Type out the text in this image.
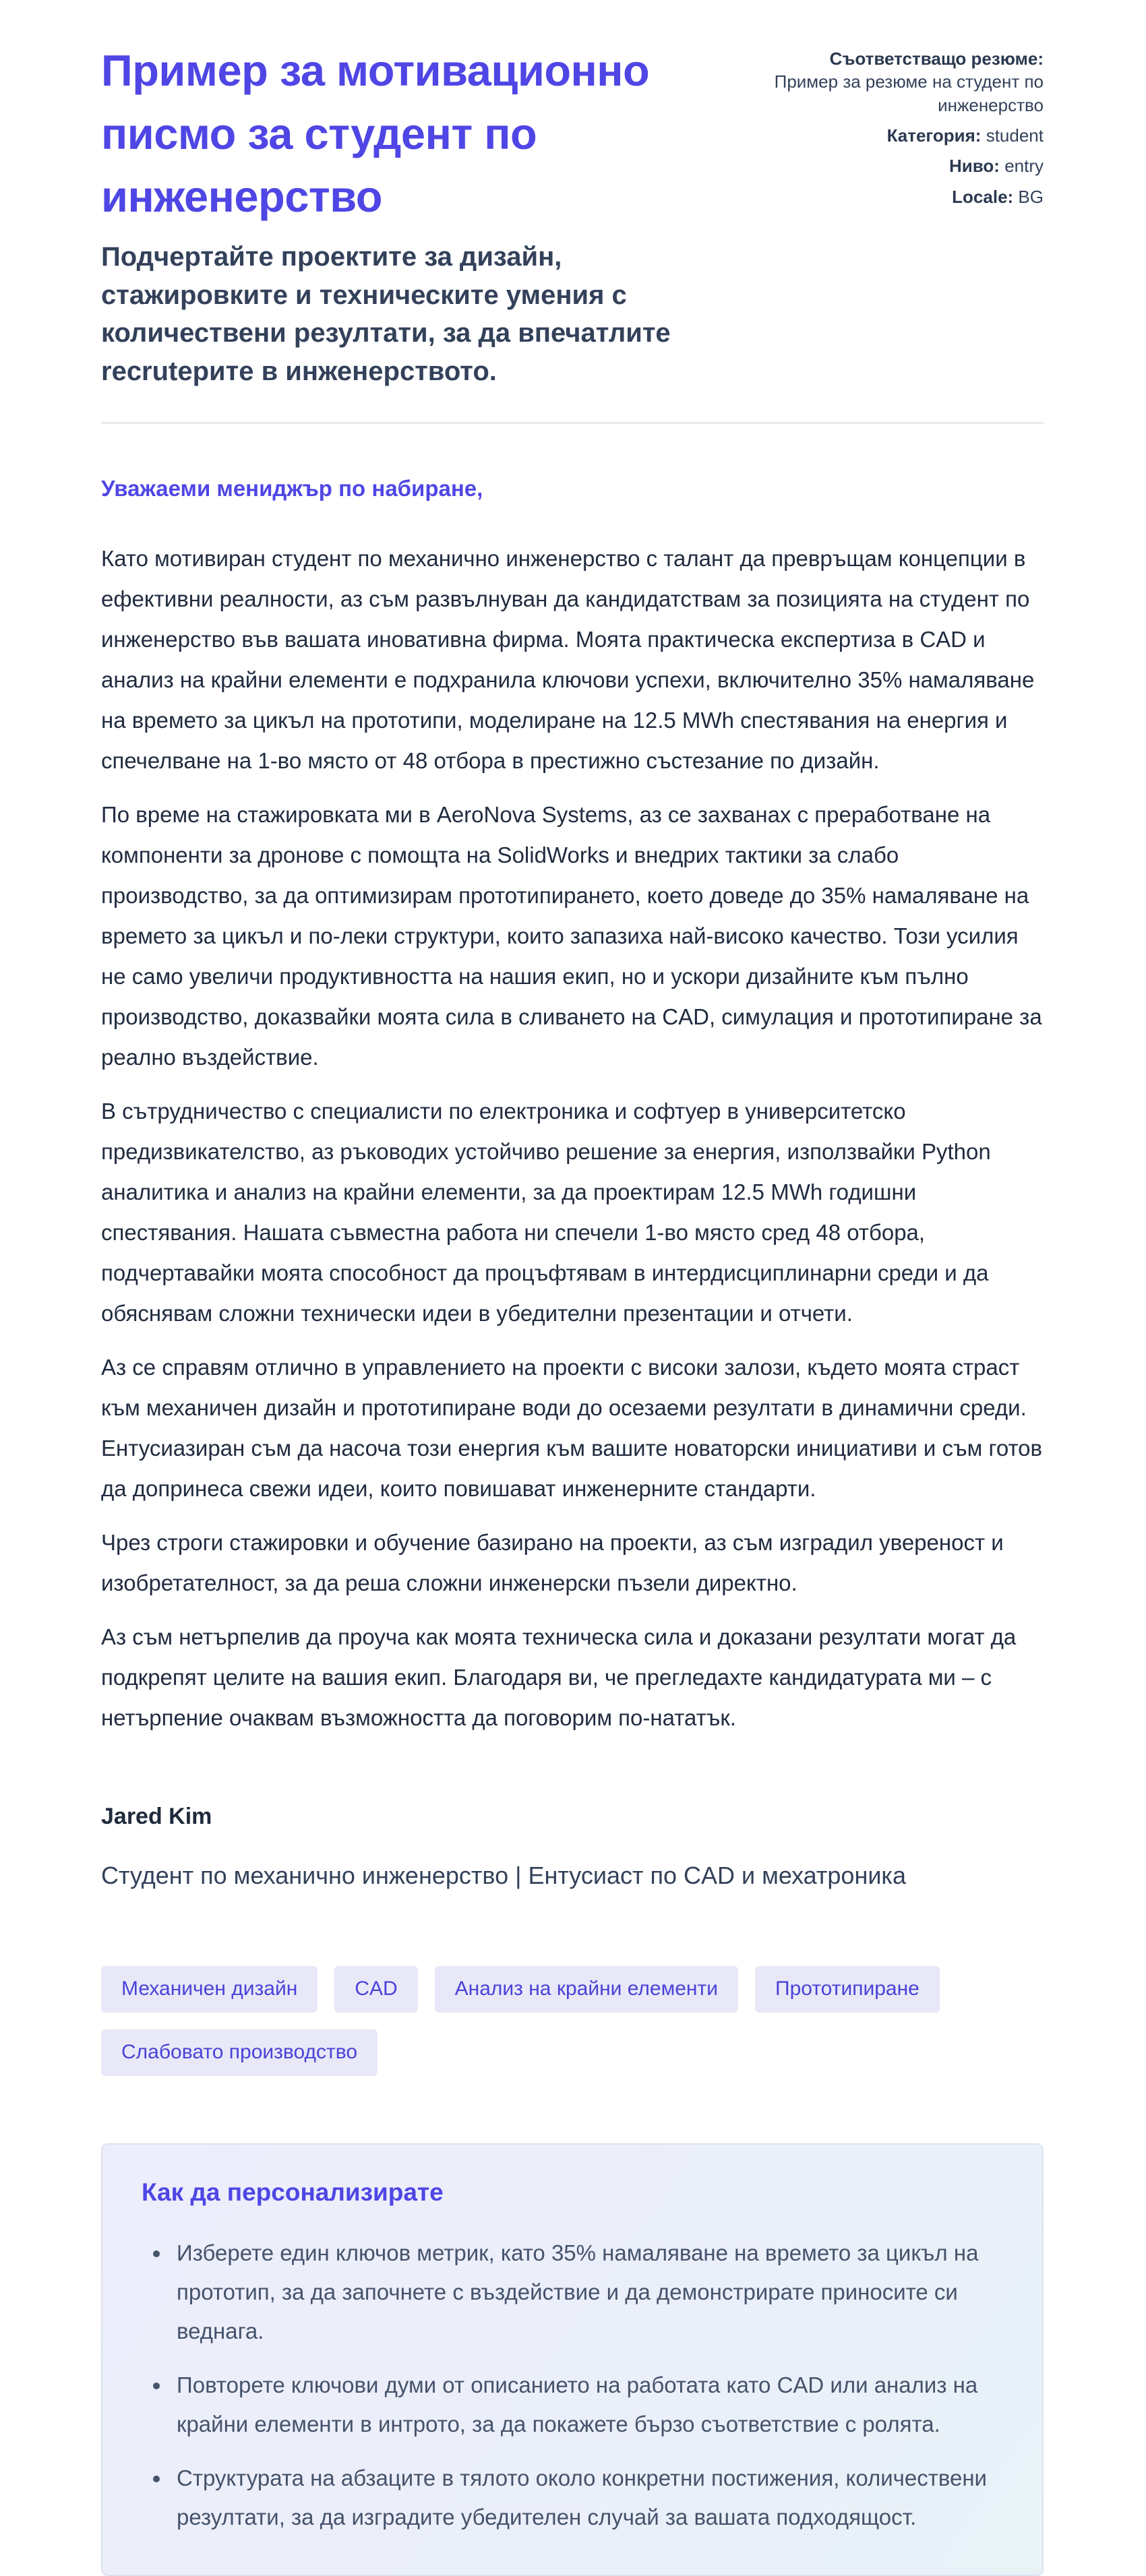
Пример за мотивационно писмо за студент по инженерство
Подчертайте проектите за дизайн, стажировките и техническите умения с количествени резултати, за да впечатлите recruteрите в инженерството.
Съответстващо резюме:
Пример за резюме на студент по инженерство
Категория: student
Ниво: entry
Locale: BG

Уважаеми мениджър по набиране,

Като мотивиран студент по механично инженерство с талант да превръщам концепции в ефективни реалности, аз съм развълнуван да кандидатствам за позицията на студент по инженерство във вашата иновативна фирма. Моята практическа експертиза в CAD и анализ на крайни елементи е подхранила ключови успехи, включително 35% намаляване на времето за цикъл на прототипи, моделиране на 12.5 MWh спестявания на енергия и спечелване на 1-во място от 48 отбора в престижно състезание по дизайн.

По време на стажировката ми в AeroNova Systems, аз се захванах с преработване на компоненти за дронове с помощта на SolidWorks и внедрих тактики за слабо производство, за да оптимизирам прототипирането, което доведе до 35% намаляване на времето за цикъл и по-леки структури, които запазиха най-високо качество. Този усилия не само увеличи продуктивността на нашия екип, но и ускори дизайните към пълно производство, доказвайки моята сила в сливането на CAD, симулация и прототипиране за реално въздействие.

В сътрудничество с специалисти по електроника и софтуер в университетско предизвикателство, аз ръководих устойчиво решение за енергия, използвайки Python аналитика и анализ на крайни елементи, за да проектирам 12.5 MWh годишни спестявания. Нашата съвместна работа ни спечели 1-во място сред 48 отбора, подчертавайки моята способност да процъфтявам в интердисциплинарни среди и да обяснявам сложни технически идеи в убедителни презентации и отчети.

Аз се справям отлично в управлението на проекти с високи залози, където моята страст към механичен дизайн и прототипиране води до осезаеми резултати в динамични среди. Ентусиазиран съм да насоча този енергия към вашите новаторски инициативи и съм готов да допринеса свежи идеи, които повишават инженерните стандарти.

Чрез строги стажировки и обучение базирано на проекти, аз съм изградил увереност и изобретателност, за да реша сложни инженерски пъзели директно.

Аз съм нетърпелив да проуча как моята техническа сила и доказани резултати могат да подкрепят целите на вашия екип. Благодаря ви, че прегледахте кандидатурата ми – с нетърпение очаквам възможността да поговорим по-нататък.

Jared Kim
Студент по механично инженерство | Ентусиаст по CAD и мехатроника
Механичен дизайн	CAD	Анализ на крайни елементи	Прототипиране
Слабовато производство
Как да персонализирате
• Изберете един ключов метрик, като 35% намаляване на времето за цикъл на прототип, за да започнете с въздействие и да демонстрирате приносите си веднага.
• Повторете ключови думи от описанието на работата като CAD или анализ на крайни елементи в интрото, за да покажете бързо съответствие с ролята.
• Структурата на абзаците в тялото около конкретни постижения, количествени резултати, за да изградите убедителен случай за вашата подходящост.
